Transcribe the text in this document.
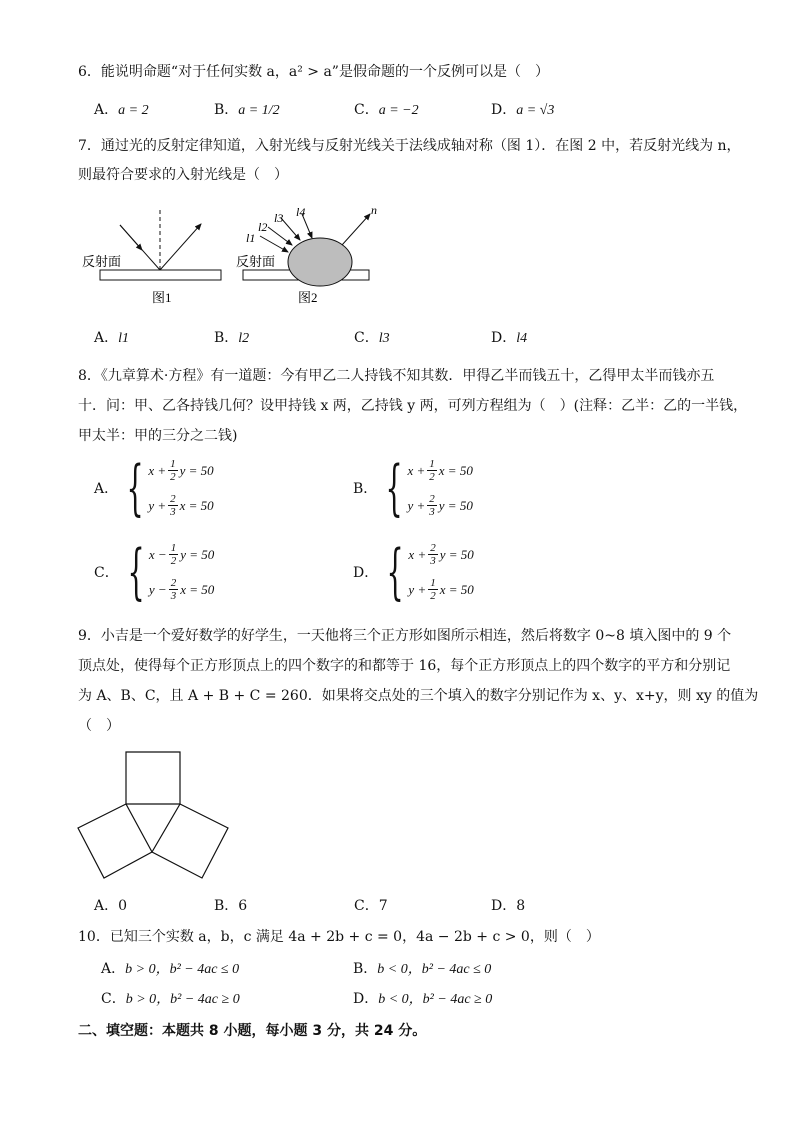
6．能说明命题“对于任何实数 a，a² > a”是假命题的一个反例可以是（　）
A．a = 2	B．a = 1/2	C．a = −2	D．a = √3
7．通过光的反射定律知道，入射光线与反射光线关于法线成轴对称（图 1）．在图 2 中，若反射光线为 n，
则最符合要求的入射光线是（　）
反射面
图1
l1
l2
l3 l4	n
反射面
图2
A．l1	B．l2	C．l3	D．l4
8．《九章算术·方程》有一道题：今有甲乙二人持钱不知其数．甲得乙半而钱五十，乙得甲太半而钱亦五
十．问：甲、乙各持钱几何？设甲持钱 x 两，乙持钱 y 两，可列方程组为（　）(注释：乙半：乙的一半钱，
甲太半：甲的三分之二钱)
A． { $x + \frac{1}{2}$ y = 50
$y + \frac{2}{3}$ x = 50
B． { $x + \frac{1}{2}$ x = 50
$y + \frac{2}{3}$ y = 50
C． { $x - \frac{1}{2}$ y = 50
$y - \frac{2}{3}$ x = 50
D． { $x + \frac{2}{3}$ y = 50
$y + \frac{1}{2}$ x = 50
9．小吉是一个爱好数学的好学生，一天他将三个正方形如图所示相连，然后将数字 0~8 填入图中的 9 个
顶点处，使得每个正方形顶点上的四个数字的和都等于 16，每个正方形顶点上的四个数字的平方和分别记
为 A、B、C，且 A + B + C = 260．如果将交点处的三个填入的数字分别记作为 x、y、x+y，则 xy 的值为
（　）
A．0	B．6	C．7	D．8
10．已知三个实数 a，b，c 满足 4a + 2b + c = 0，4a − 2b + c > 0，则（　）
A．b > 0，b² − 4ac ≤ 0	B．b < 0，b² − 4ac ≤ 0
C．b > 0，b² − 4ac ≥ 0	D．b < 0，b² − 4ac ≥ 0
二、填空题：本题共 8 小题，每小题 3 分，共 24 分。
